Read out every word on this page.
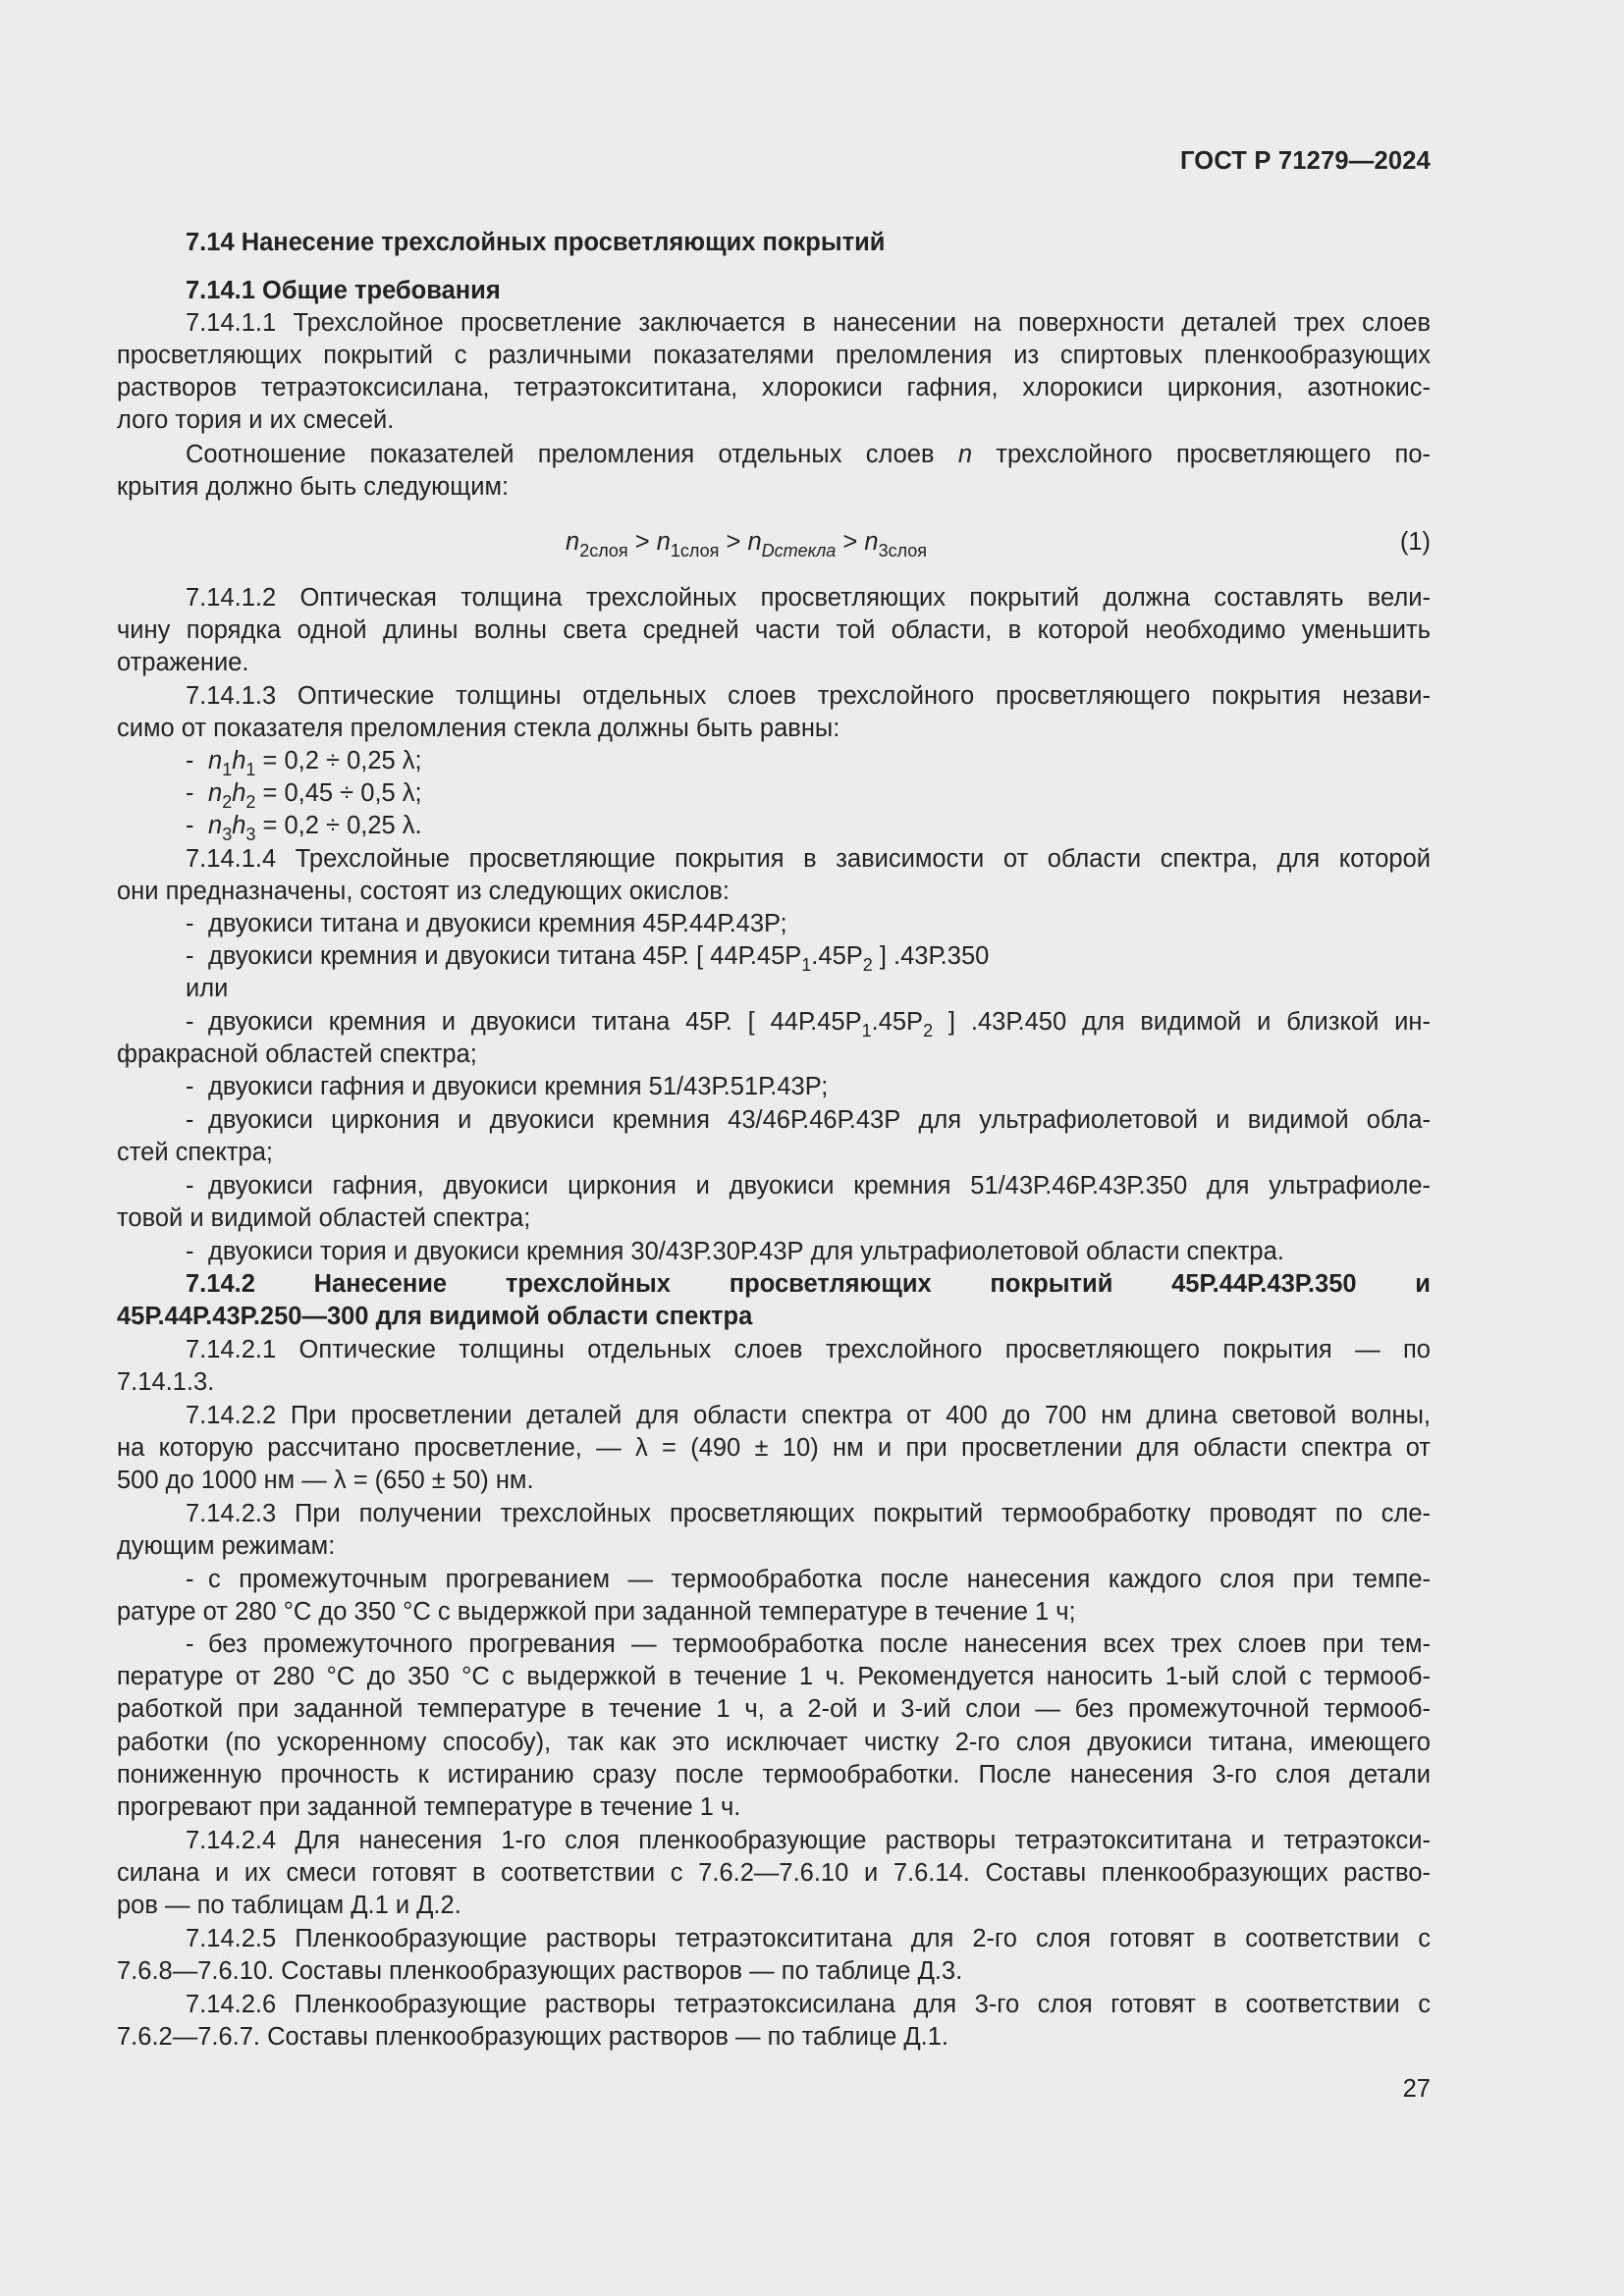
ГОСТ Р 71279—2024
7.14 Нанесение трехслойных просветляющих покрытий
7.14.1 Общие требования
7.14.1.1 Трехслойное просветление заключается в нанесении на поверхности деталей трех слоев
просветляющих покрытий с различными показателями преломления из спиртовых пленкообразующих
растворов тетраэтоксисилана, тетраэтоксититана, хлорокиси гафния, хлорокиси циркония, азотнокис-
лого тория и их смесей.
Соотношение показателей преломления отдельных слоев n трехслойного просветляющего по-
крытия должно быть следующим:
$n_{2слоя} > n_{1слоя} > n_{Dстекла} > n_{3слоя}$	(1)
7.14.1.2 Оптическая толщина трехслойных просветляющих покрытий должна составлять вели-
чину порядка одной длины волны света средней части той области, в которой необходимо уменьшить
отражение.
7.14.1.3 Оптические толщины отдельных слоев трехслойного просветляющего покрытия незави-
симо от показателя преломления стекла должны быть равны:
- $n_1h_1 = 0,2 \div 0,25$ λ;
- $n_2h_2 = 0,45 \div 0,5$ λ;
- $n_3h_3 = 0,2 \div 0,25$ λ.
7.14.1.4 Трехслойные просветляющие покрытия в зависимости от области спектра, для которой
они предназначены, состоят из следующих окислов:
- двуокиси титана и двуокиси кремния 45Р.44Р.43Р;
- двуокиси кремния и двуокиси титана 45Р. [ $44Р.45Р_1.45Р_2$ ] .43Р.350
или
- двуокиси кремния и двуокиси титана 45Р. [ $44Р.45Р_1.45Р_2$ ] .43Р.450 для видимой и близкой ин-
фракрасной областей спектра;
- двуокиси гафния и двуокиси кремния 51/43Р.51Р.43Р;
- двуокиси циркония и двуокиси кремния 43/46Р.46Р.43Р для ультрафиолетовой и видимой обла-
стей спектра;
- двуокиси гафния, двуокиси циркония и двуокиси кремния 51/43Р.46Р.43Р.350 для ультрафиоле-
товой и видимой областей спектра;
- двуокиси тория и двуокиси кремния 30/43Р.30Р.43Р для ультрафиолетовой области спектра.
7.14.2 Нанесение трехслойных просветляющих покрытий 45Р.44Р.43Р.350 и
45Р.44Р.43Р.250—300 для видимой области спектра
7.14.2.1 Оптические толщины отдельных слоев трехслойного просветляющего покрытия — по
7.14.1.3.
7.14.2.2 При просветлении деталей для области спектра от 400 до 700 нм длина световой волны,
на которую рассчитано просветление, — λ = (490 ± 10) нм и при просветлении для области спектра от
500 до 1000 нм — λ = (650 ± 50) нм.
7.14.2.3 При получении трехслойных просветляющих покрытий термообработку проводят по сле-
дующим режимам:
- с промежуточным прогреванием — термообработка после нанесения каждого слоя при темпе-
ратуре от 280 °С до 350 °С с выдержкой при заданной температуре в течение 1 ч;
- без промежуточного прогревания — термообработка после нанесения всех трех слоев при тем-
пературе от 280 °С до 350 °С с выдержкой в течение 1 ч. Рекомендуется наносить 1-ый слой с термооб-
работкой при заданной температуре в течение 1 ч, а 2-ой и 3-ий слои — без промежуточной термооб-
работки (по ускоренному способу), так как это исключает чистку 2-го слоя двуокиси титана, имеющего
пониженную прочность к истиранию сразу после термообработки. После нанесения 3-го слоя детали
прогревают при заданной температуре в течение 1 ч.
7.14.2.4 Для нанесения 1-го слоя пленкообразующие растворы тетраэтоксититана и тетраэтокси-
силана и их смеси готовят в соответствии с 7.6.2—7.6.10 и 7.6.14. Составы пленкообразующих раство-
ров — по таблицам Д.1 и Д.2.
7.14.2.5 Пленкообразующие растворы тетраэтоксититана для 2-го слоя готовят в соответствии с
7.6.8—7.6.10. Составы пленкообразующих растворов — по таблице Д.3.
7.14.2.6 Пленкообразующие растворы тетраэтоксисилана для 3-го слоя готовят в соответствии с
7.6.2—7.6.7. Составы пленкообразующих растворов — по таблице Д.1.
27
